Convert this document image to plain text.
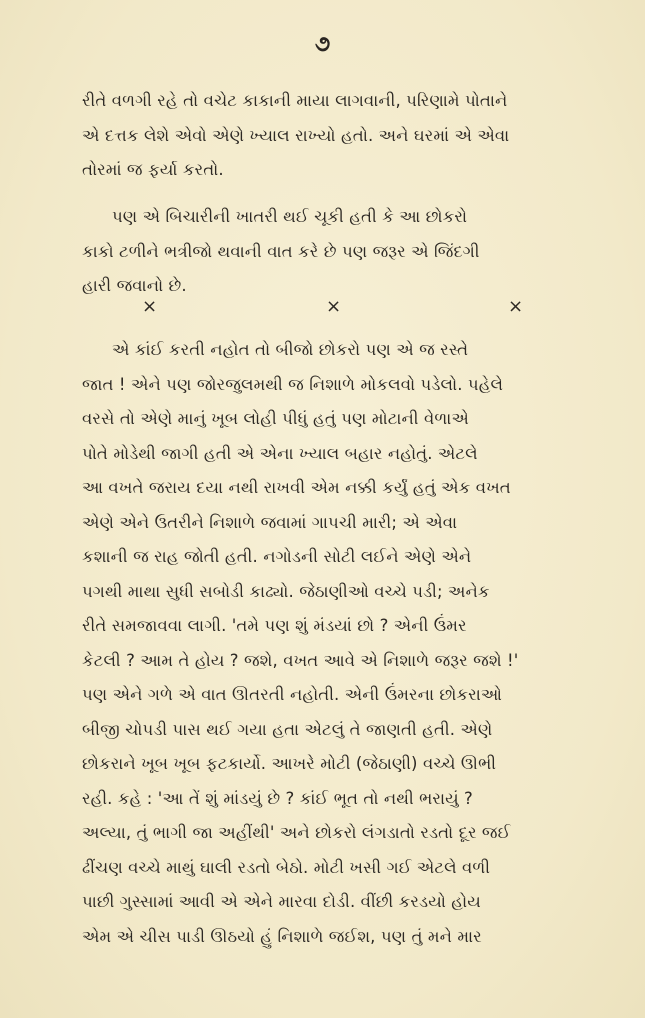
૭
રીતે વળગી રહે તો વચેટ કાકાની માયા લાગવાની, પરિણામે પોતાને
એ દત્તક લેશે એવો એણે ખ્યાલ રાખ્યો હતો. અને ઘરમાં એ એવા
તોરમાં જ ફર્યા કરતો.
પણ એ બિચારીની ખાતરી થઈ ચૂકી હતી કે આ છોકરો
કાકો ટળીને ભત્રીજો થવાની વાત કરે છે પણ જરૂર એ જિંદગી
હારી જવાનો છે.
×	×	×
એ કાંઈ કરતી નહોત તો બીજો છોકરો પણ એ જ રસ્તે
જાત ! એને પણ જોરજુલમથી જ નિશાળે મોકલવો પડેલો. પહેલે
વરસે તો એણે માનું ખૂબ લોહી પીધું હતું પણ મોટાની વેળાએ
પોતે મોડેથી જાગી હતી એ એના ખ્યાલ બહાર નહોતું. એટલે
આ વખતે જરાય દયા નથી રાખવી એમ નક્કી કર્યું હતું એક વખત
એણે એને ઉતરીને નિશાળે જવામાં ગાપચી મારી; એ એવા
કશાની જ રાહ જોતી હતી. નગોડની સોટી લઈને એણે એને
પગથી માથા સુધી સબોડી કાઢ્યો. જેઠાણીઓ વચ્ચે પડી; અનેક
રીતે સમજાવવા લાગી. 'તમે પણ શું મંડયાં છો ? એની ઉંમર
કેટલી ? આમ તે હોય ? જશે, વખત આવે એ નિશાળે જરૂર જશે !'
પણ એને ગળે એ વાત ઊતરતી નહોતી. એની ઉંમરના છોકરાઓ
બીજી ચોપડી પાસ થઈ ગયા હતા એટલું તે જાણતી હતી. એણે
છોકરાને ખૂબ ખૂબ ફટકાર્યો. આખરે મોટી (જેઠાણી) વચ્ચે ઊભી
રહી. કહે : 'આ તેં શું માંડયું છે ? કાંઈ ભૂત તો નથી ભરાયું ?
અલ્યા, તું ભાગી જા અહીંથી' અને છોકરો લંગડાતો રડતો દૂર જઈ
ઢીંચણ વચ્ચે માથું ઘાલી રડતો બેઠો. મોટી ખસી ગઈ એટલે વળી
પાછી ગુસ્સામાં આવી એ એને મારવા દોડી. વીંછી કરડયો હોય
એમ એ ચીસ પાડી ઊઠયો હું નિશાળે જઈશ, પણ તું મને માર
